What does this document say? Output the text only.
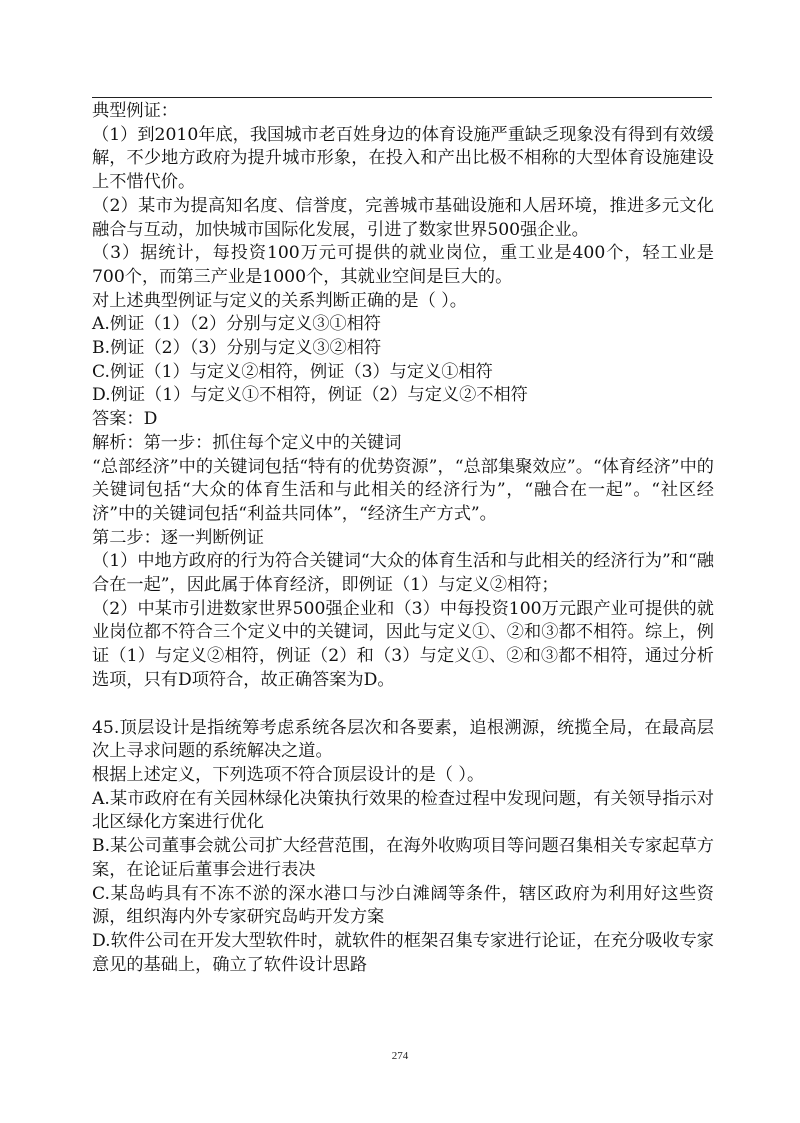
典型例证：

（1）到2010年底，我国城市老百姓身边的体育设施严重缺乏现象没有得到有效缓解，不少地方政府为提升城市形象，在投入和产出比极不相称的大型体育设施建设上不惜代价。

（2）某市为提高知名度、信誉度，完善城市基础设施和人居环境，推进多元文化融合与互动，加快城市国际化发展，引进了数家世界500强企业。

（3）据统计，每投资100万元可提供的就业岗位，重工业是400个，轻工业是700个，而第三产业是1000个，其就业空间是巨大的。

对上述典型例证与定义的关系判断正确的是（ ）。

A.例证（1）（2）分别与定义③①相符

B.例证（2）（3）分别与定义③②相符

C.例证（1）与定义②相符，例证（3）与定义①相符

D.例证（1）与定义①不相符，例证（2）与定义②不相符

答案：D

解析：第一步：抓住每个定义中的关键词

“总部经济”中的关键词包括“特有的优势资源”，“总部集聚效应”。“体育经济”中的关键词包括“大众的体育生活和与此相关的经济行为”，“融合在一起”。“社区经济”中的关键词包括“利益共同体”，“经济生产方式”。

第二步：逐一判断例证

（1）中地方政府的行为符合关键词“大众的体育生活和与此相关的经济行为”和“融合在一起”，因此属于体育经济，即例证（1）与定义②相符；

（2）中某市引进数家世界500强企业和（3）中每投资100万元跟产业可提供的就业岗位都不符合三个定义中的关键词，因此与定义①、②和③都不相符。综上，例证（1）与定义②相符，例证（2）和（3）与定义①、②和③都不相符，通过分析选项，只有D项符合，故正确答案为D。

45.顶层设计是指统筹考虑系统各层次和各要素，追根溯源，统揽全局，在最高层次上寻求问题的系统解决之道。

根据上述定义，下列选项不符合顶层设计的是（ ）。

A.某市政府在有关园林绿化决策执行效果的检查过程中发现问题，有关领导指示对北区绿化方案进行优化

B.某公司董事会就公司扩大经营范围，在海外收购项目等问题召集相关专家起草方案，在论证后董事会进行表决

C.某岛屿具有不冻不淤的深水港口与沙白滩阔等条件，辖区政府为利用好这些资源，组织海内外专家研究岛屿开发方案

D.软件公司在开发大型软件时，就软件的框架召集专家进行论证，在充分吸收专家意见的基础上，确立了软件设计思路

274
